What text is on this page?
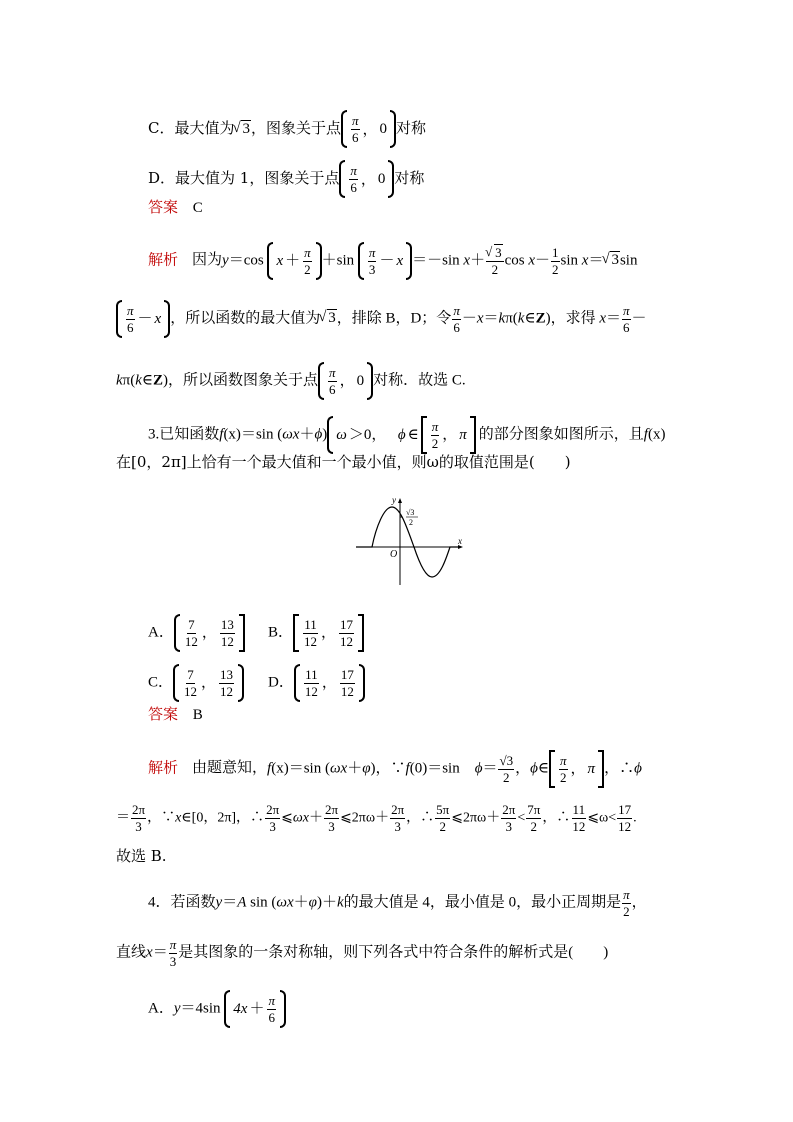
C．最大值为 √ 3，图象关于点 π
6 ， 0 对称
D．最大值为 1，图象关于点 π
6 ， 0 对称
答案 C
解析 因为y＝cos x ＋
π
2
＋sin
π
3
－ x ＝－sin x＋ √ $\frac{3}{2}$ $\cos x- \frac{1}{2}$ sin x＝ √ 3sin
π
6
－ x ，所以函数的最大值为 √ 3，排除 B，D；令 $\frac{\pi}{6}$ －x＝kπ(k∈Z)，求得 $x= \frac{\pi}{6}$ －
kπ(k∈Z)，所以函数图象关于点
π
6
， 0 对称．故选 C.
3.已知函数f(x)＝sin (ωx＋ϕ) ω ＞0，
ϕ ∈
π
2
， π 的部分图象如图所示，且f(x)
在[0，2π]上恰有一个最大值和一个最小值，则ω的取值范围是(　　)
y
x
O
√3
2
A．
7
12
，
13
12
B．
11
12
，
17
12
C．
7
12
，
13
12
D．
11
12
，
17
12
答案 B
解析 由题意知，f(x)＝sin (ωx＋φ)，∵f(0)＝sin　$\phi= \frac{√3}{2}$ ，ϕ∈
π
2
， π ，∴ϕ
＝ $\frac{2\pi}{3}$ ，∵x∈[0，2π]，∴ $\frac{2\pi}{3}$ ⩽ωx＋ $\frac{2\pi}{3}$ ⩽2πω＋ $\frac{2\pi}{3}$ ，∴ $\frac{5\pi}{2}$ ⩽2πω＋ $\frac{2\pi}{3} < \frac{7\pi}{2}$ ，∴ $\frac{11}{12}$ ⩽ω< $\frac{17}{12}$ .
故选 B.
4．若函数y＝A sin (ωx＋φ)＋k的最大值是 4，最小值是 0，最小正周期是 $\frac{\pi}{2}$ ，
直线$x= \frac{\pi}{3}$ 是其图象的一条对称轴，则下列各式中符合条件的解析式是(　　)
A．y＝4sin 4x ＋
π
6
